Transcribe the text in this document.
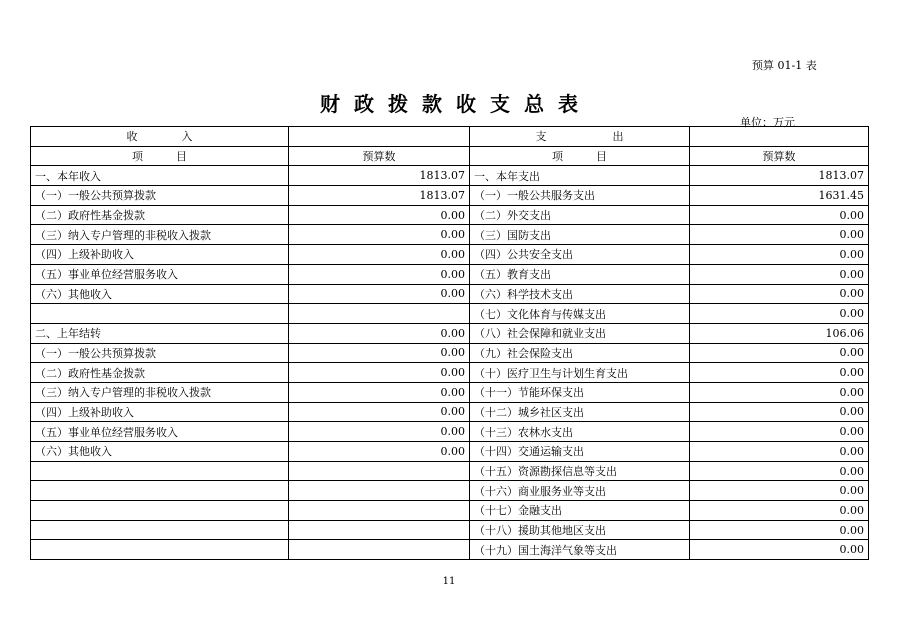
预算 01-1 表
财政拨款收支总表
单位：万元
收　　　　入		支　　　　　　出	
项　　　目	预算数	项　　　目	预算数
一、本年收入	1813.07	一、本年支出	1813.07
（一）一般公共预算拨款	1813.07	（一）一般公共服务支出	1631.45
（二）政府性基金拨款	0.00	（二）外交支出	0.00
（三）纳入专户管理的非税收入拨款	0.00	（三）国防支出	0.00
（四）上级补助收入	0.00	（四）公共安全支出	0.00
（五）事业单位经营服务收入	0.00	（五）教育支出	0.00
（六）其他收入	0.00	（六）科学技术支出	0.00
		（七）文化体育与传媒支出	0.00
二、上年结转	0.00	（八）社会保障和就业支出	106.06
（一）一般公共预算拨款	0.00	（九）社会保险支出	0.00
（二）政府性基金拨款	0.00	（十）医疗卫生与计划生育支出	0.00
（三）纳入专户管理的非税收入拨款	0.00	（十一）节能环保支出	0.00
（四）上级补助收入	0.00	（十二）城乡社区支出	0.00
（五）事业单位经营服务收入	0.00	（十三）农林水支出	0.00
（六）其他收入	0.00	（十四）交通运输支出	0.00
		（十五）资源勘探信息等支出	0.00
		（十六）商业服务业等支出	0.00
		（十七）金融支出	0.00
		（十八）援助其他地区支出	0.00
		（十九）国土海洋气象等支出	0.00
11
